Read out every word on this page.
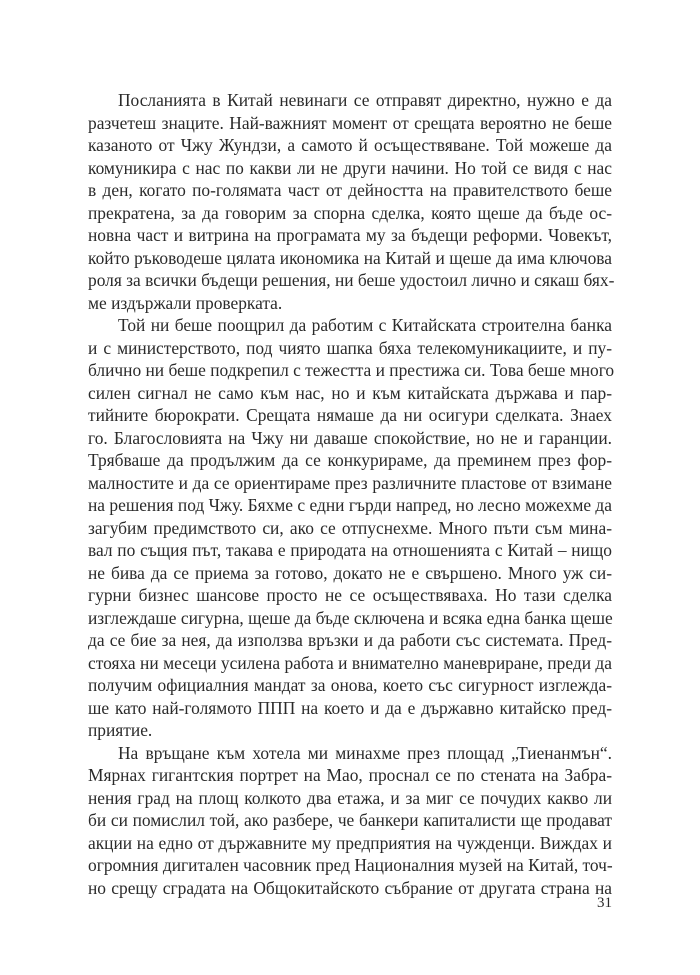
Посланията в Китай невинаги се отправят директно, нужно е да
разчетеш знаците. Най-важният момент от срещата вероятно не беше
казаното от Чжу Жундзи, а самото й осъществяване. Той можеше да
комуникира с нас по какви ли не други начини. Но той се видя с нас
в ден, когато по-голямата част от дейността на правителството беше
прекратена, за да говорим за спорна сделка, която щеше да бъде ос-
новна част и витрина на програмата му за бъдещи реформи. Човекът,
който ръководеше цялата икономика на Китай и щеше да има ключова
роля за всички бъдещи решения, ни беше удостоил лично и сякаш бях-
ме издържали проверката.
Той ни беше поощрил да работим с Китайската строителна банка
и с министерството, под чиято шапка бяха телекомуникациите, и пу-
блично ни беше подкрепил с тежестта и престижа си. Това беше много
силен сигнал не само към нас, но и към китайската държава и пар-
тийните бюрократи. Срещата нямаше да ни осигури сделката. Знаех
го. Благословията на Чжу ни даваше спокойствие, но не и гаранции.
Трябваше да продължим да се конкурираме, да преминем през фор-
малностите и да се ориентираме през различните пластове от взимане
на решения под Чжу. Бяхме с едни гърди напред, но лесно можехме да
загубим предимството си, ако се отпуснехме. Много пъти съм мина-
вал по същия път, такава е природата на отношенията с Китай – нищо
не бива да се приема за готово, докато не е свършено. Много уж си-
гурни бизнес шансове просто не се осъществяваха. Но тази сделка
изглеждаше сигурна, щеше да бъде сключена и всяка една банка щеше
да се бие за нея, да използва връзки и да работи със системата. Пред-
стояха ни месеци усилена работа и внимателно маневриране, преди да
получим официалния мандат за онова, което със сигурност изглежда-
ше като най-голямото ППП на което и да е държавно китайско пред-
приятие.
На връщане към хотела ми минахме през площад „Тиенанмън“.
Мярнах гигантския портрет на Мао, проснал се по стената на Забра-
нения град на площ колкото два етажа, и за миг се почудих какво ли
би си помислил той, ако разбере, че банкери капиталисти ще продават
акции на едно от държавните му предприятия на чужденци. Виждах и
огромния дигитален часовник пред Националния музей на Китай, точ-
но срещу сградата на Общокитайското събрание от другата страна на
31
